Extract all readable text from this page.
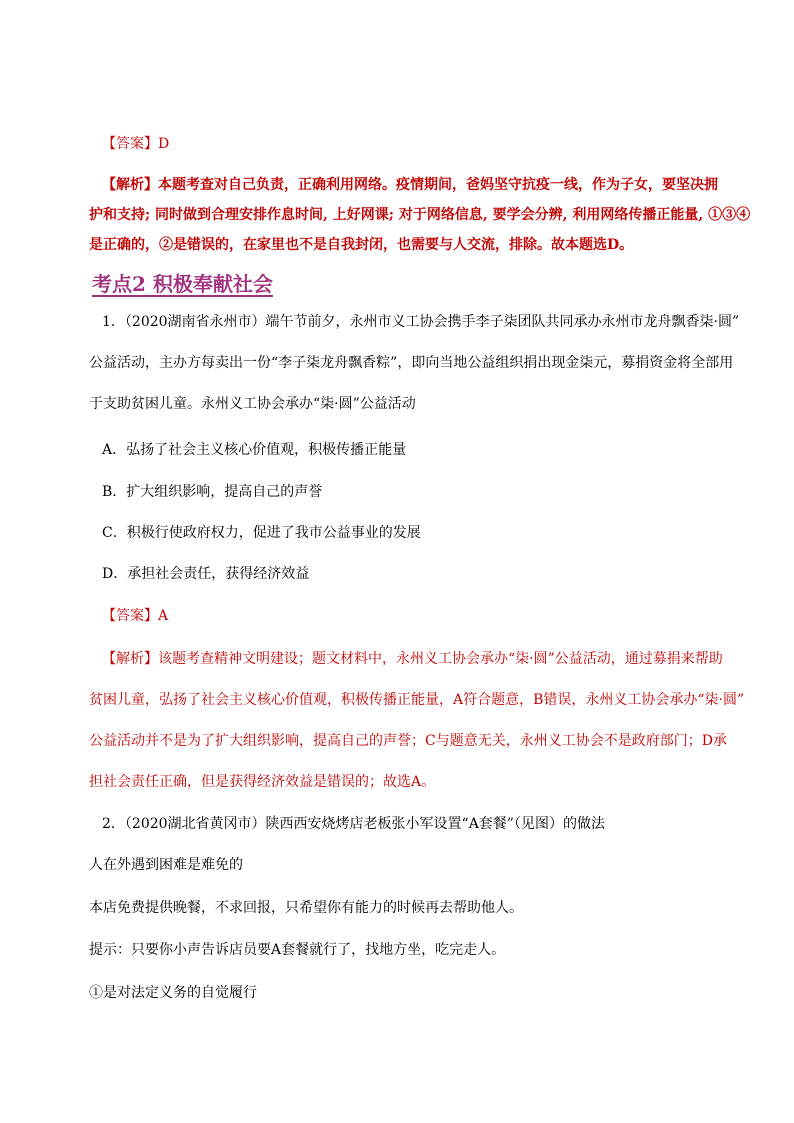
【答案】D
【解析】本题考查对自己负责，正确利用网络。疫情期间，爸妈坚守抗疫一线，作为子女，要坚决拥
护和支持; 同时做到合理安排作息时间, 上好网课; 对于网络信息, 要学会分辨, 利用网络传播正能量, ①③④
是正确的，②是错误的，在家里也不是自我封闭，也需要与人交流，排除。故本题选D。
考点2 积极奉献社会
1．（2020湖南省永州市）端午节前夕，永州市义工协会携手李子柒团队共同承办永州市龙舟飘香柒·圆”
公益活动，主办方每卖出一份“李子柒龙舟飘香粽”，即向当地公益组织捐出现金柒元，募捐资金将全部用
于支助贫困儿童。永州义工协会承办“柒·圆”公益活动
A．弘扬了社会主义核心价值观，积极传播正能量
B．扩大组织影响，提高自己的声誉
C．积极行使政府权力，促进了我市公益事业的发展
D．承担社会责任，获得经济效益
【答案】A
【解析】该题考查精神文明建设；题文材料中，永州义工协会承办“柒·圆”公益活动，通过募捐来帮助
贫困儿童，弘扬了社会主义核心价值观，积极传播正能量，A符合题意，B错误，永州义工协会承办“柒·圆”
公益活动并不是为了扩大组织影响，提高自己的声誉；C与题意无关，永州义工协会不是政府部门；D承
担社会责任正确，但是获得经济效益是错误的；故选A。
2．（2020湖北省黄冈市）陕西西安烧烤店老板张小军设置“A套餐”（见图）的做法
人在外遇到困难是难免的
本店免费提供晚餐，不求回报，只希望你有能力的时候再去帮助他人。
提示：只要你小声告诉店员要A套餐就行了，找地方坐，吃完走人。
①是对法定义务的自觉履行
